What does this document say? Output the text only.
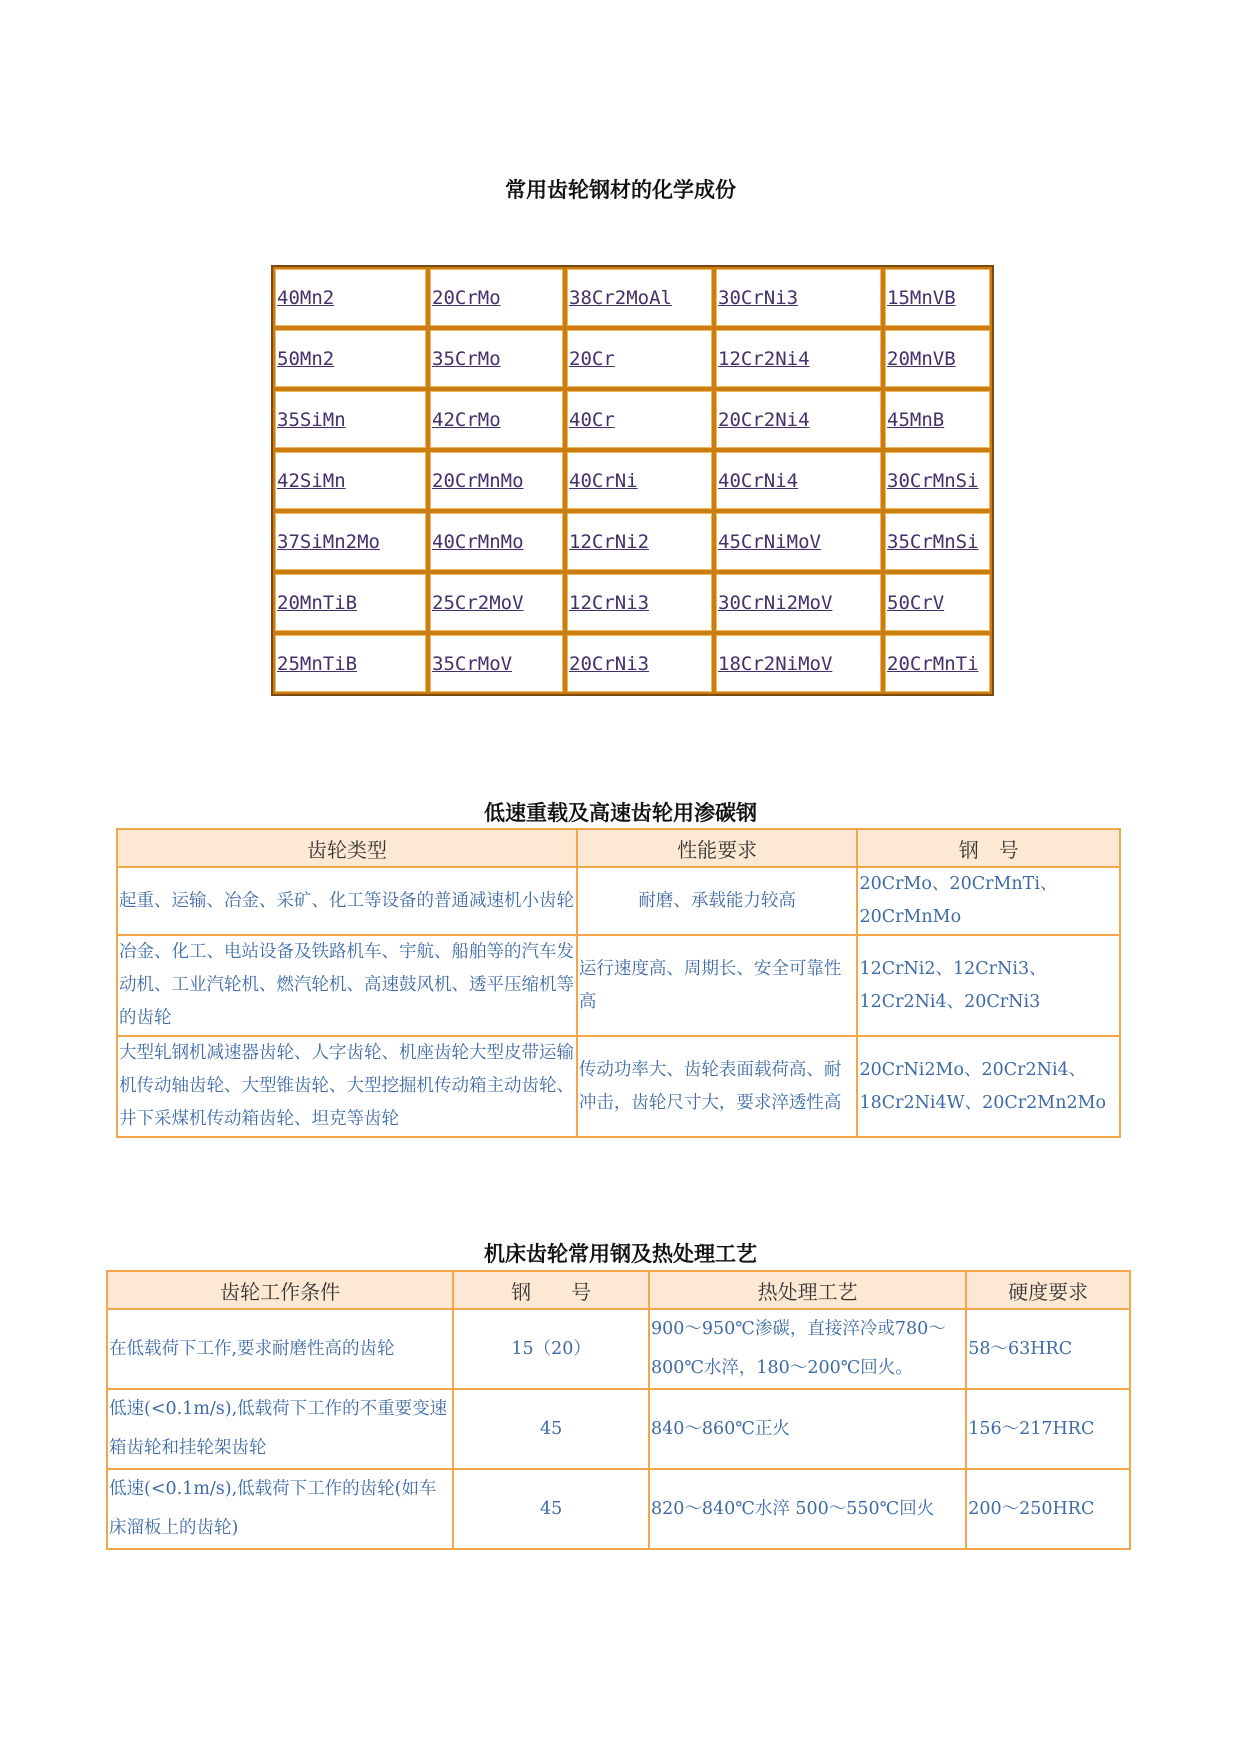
常用齿轮钢材的化学成份
40Mn2	20CrMo	38Cr2MoAl	30CrNi3	15MnVB
50Mn2	35CrMo	20Cr	12Cr2Ni4	20MnVB
35SiMn	42CrMo	40Cr	20Cr2Ni4	45MnB
42SiMn	20CrMnMo	40CrNi	40CrNi4	30CrMnSi
37SiMn2Mo	40CrMnMo	12CrNi2	45CrNiMoV	35CrMnSi
20MnTiB	25Cr2MoV	12CrNi3	30CrNi2MoV	50CrV
25MnTiB	35CrMoV	20CrNi3	18Cr2NiMoV	20CrMnTi
低速重载及高速齿轮用渗碳钢
齿轮类型	性能要求	钢　号
起重、运输、冶金、采矿、化工等设备的普通减速机小齿轮	耐磨、承载能力较高	20CrMo、20CrMnTi、20CrMnMo
冶金、化工、电站设备及铁路机车、宇航、船舶等的汽车发动机、工业汽轮机、燃汽轮机、高速鼓风机、透平压缩机等的齿轮	运行速度高、周期长、安全可靠性高	12CrNi2、12CrNi3、12Cr2Ni4、20CrNi3
大型轧钢机减速器齿轮、人字齿轮、机座齿轮大型皮带运输机传动轴齿轮、大型锥齿轮、大型挖掘机传动箱主动齿轮、井下采煤机传动箱齿轮、坦克等齿轮	传动功率大、齿轮表面载荷高、耐冲击，齿轮尺寸大，要求淬透性高	20CrNi2Mo、20Cr2Ni4、18Cr2Ni4W、20Cr2Mn2Mo
机床齿轮常用钢及热处理工艺
齿轮工作条件	钢　　号	热处理工艺	硬度要求
在低载荷下工作,要求耐磨性高的齿轮	15（20）	900～950℃渗碳，直接淬冷或780～800℃水淬，180～200℃回火。	58～63HRC
低速(<0.1m/s),低载荷下工作的不重要变速箱齿轮和挂轮架齿轮	45	840～860℃正火	156～217HRC
低速(<0.1m/s),低载荷下工作的齿轮(如车床溜板上的齿轮)	45	820～840℃水淬 500～550℃回火	200～250HRC
